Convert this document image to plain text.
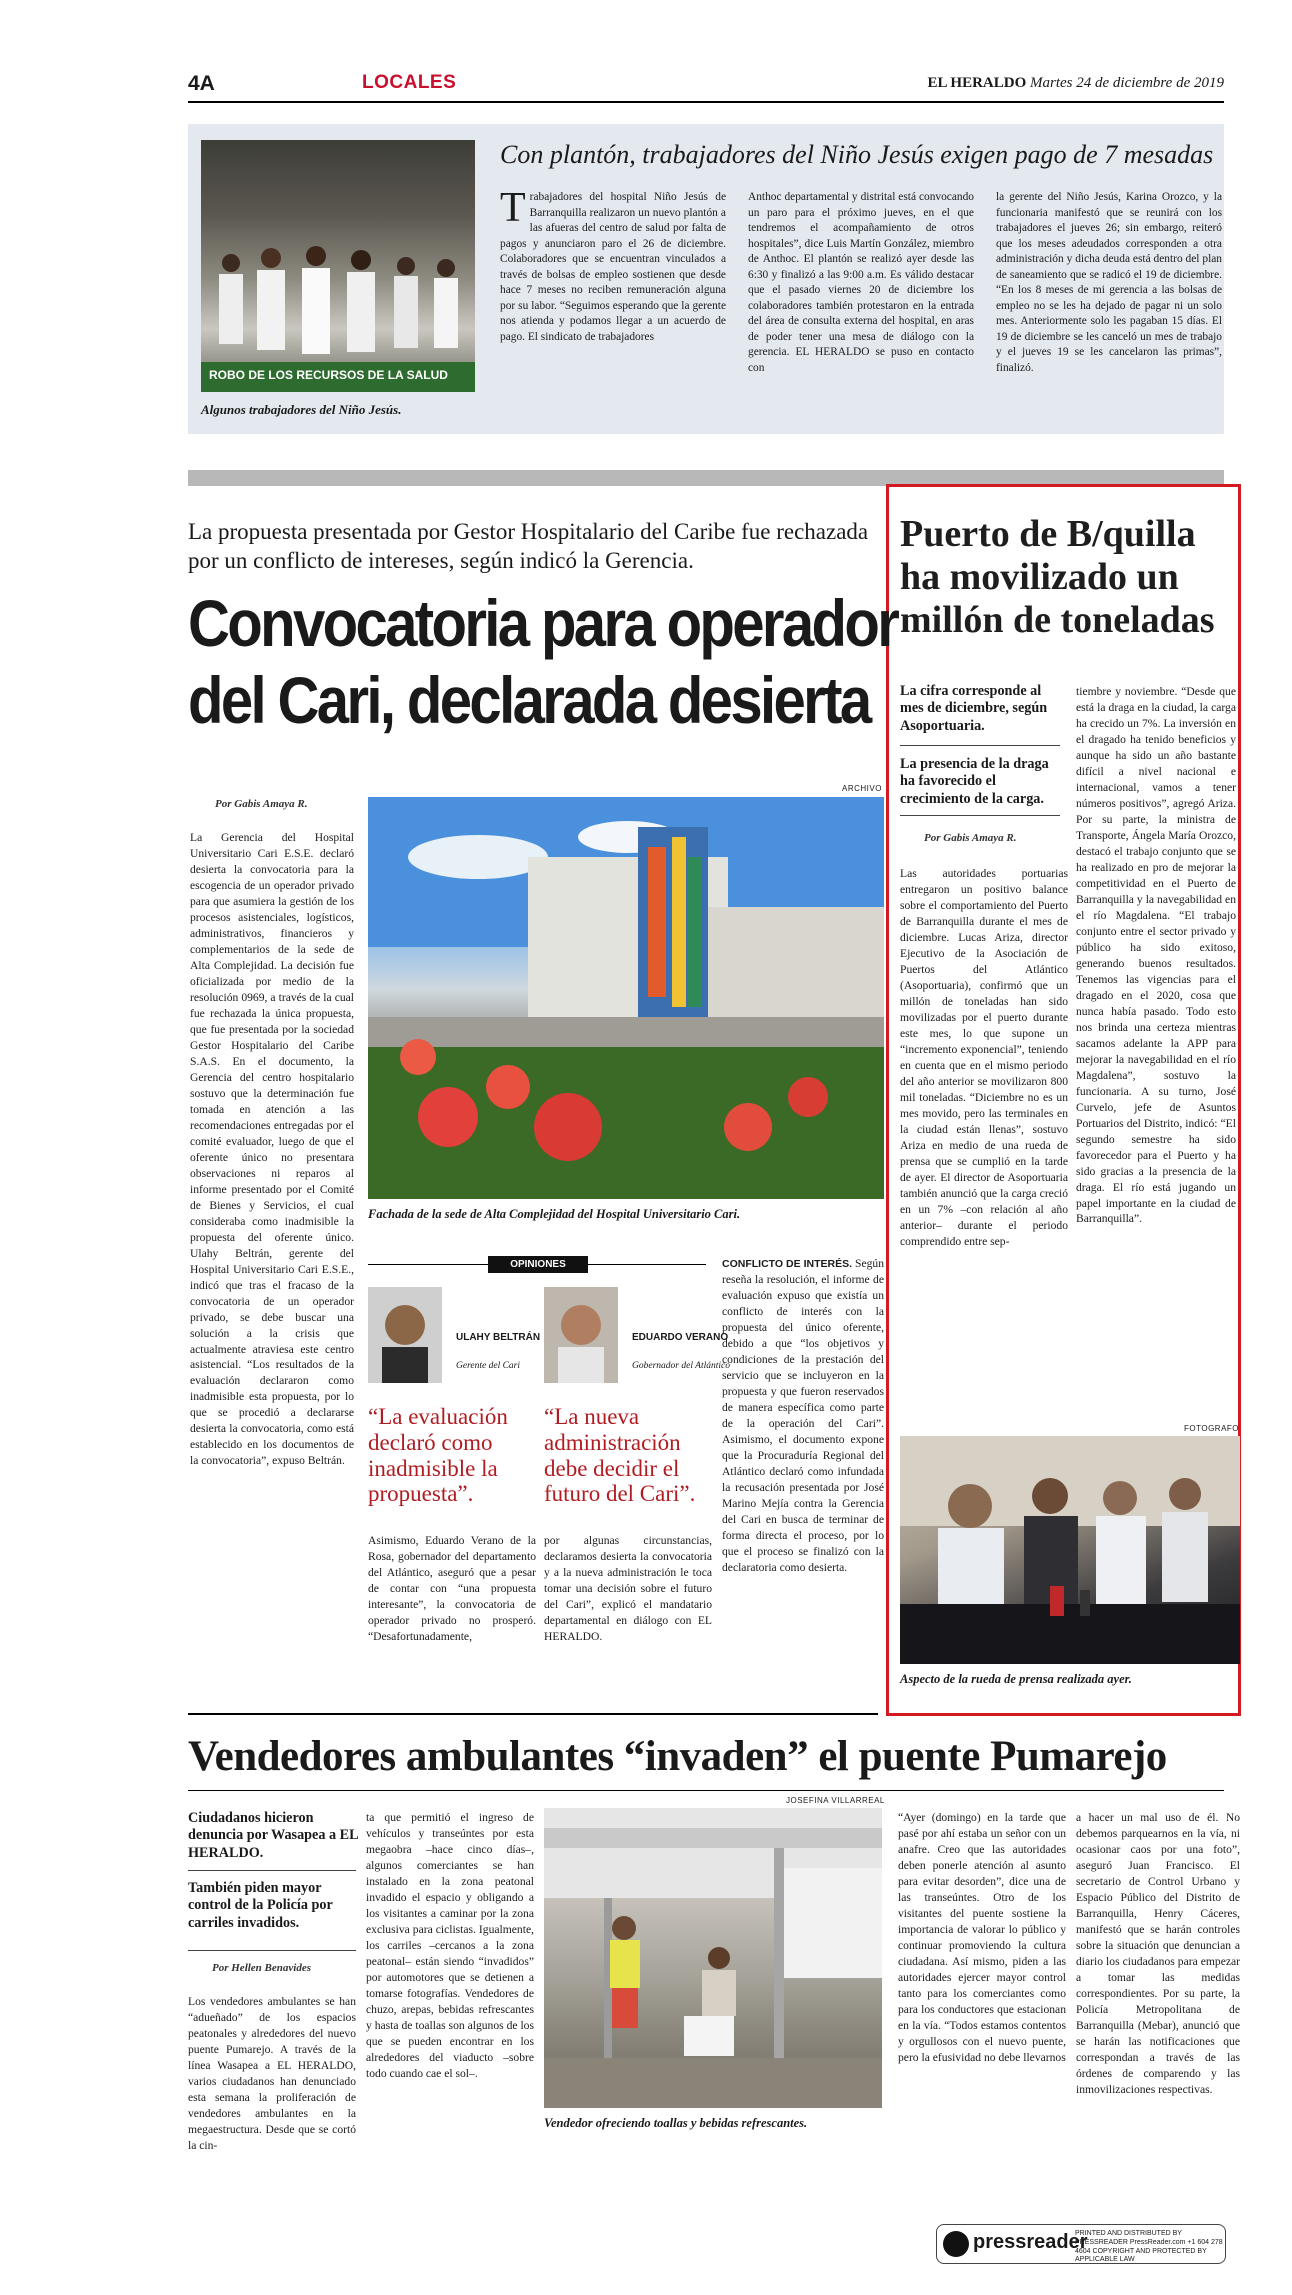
4A	LOCALES	EL HERALDO Martes 24 de diciembre de 2019
ROBO DE LOS RECURSOS DE LA SALUD
Algunos trabajadores del Niño Jesús.
Con plantón, trabajadores del Niño Jesús exigen pago de 7 mesadas
Trabajadores del hospital Niño Jesús de Barranquilla realizaron un nuevo plantón a las afueras del centro de salud por falta de pagos y anunciaron paro el 26 de diciembre. Colaboradores que se encuentran vinculados a través de bolsas de empleo sostienen que desde hace 7 meses no reciben remuneración alguna por su labor. “Seguimos esperando que la gerente nos atienda y podamos llegar a un acuerdo de pago. El sindicato de trabajadores
Anthoc departamental y distrital está convocando un paro para el próximo jueves, en el que tendremos el acompañamiento de otros hospitales”, dice Luis Martín González, miembro de Anthoc. El plantón se realizó ayer desde las 6:30 y finalizó a las 9:00 a.m. Es válido destacar que el pasado viernes 20 de diciembre los colaboradores también protestaron en la entrada del área de consulta externa del hospital, en aras de poder tener una mesa de diálogo con la gerencia. EL HERALDO se puso en contacto con
la gerente del Niño Jesús, Karina Orozco, y la funcionaria manifestó que se reunirá con los trabajadores el jueves 26; sin embargo, reiteró que los meses adeudados corresponden a otra administración y dicha deuda está dentro del plan de saneamiento que se radicó el 19 de diciembre. “En los 8 meses de mi gerencia a las bolsas de empleo no se les ha dejado de pagar ni un solo mes. Anteriormente solo les pagaban 15 días. El 19 de diciembre se les canceló un mes de trabajo y el jueves 19 se les cancelaron las primas”, finalizó.
Puerto de B/quilla ha movilizado un millón de toneladas
La cifra corresponde al mes de diciembre, según Asoportuaria.
La presencia de la draga ha favorecido el crecimiento de la carga.
Por Gabis Amaya R.
Las autoridades portuarias entregaron un positivo balance sobre el comportamiento del Puerto de Barranquilla durante el mes de diciembre. Lucas Ariza, director Ejecutivo de la Asociación de Puertos del Atlántico (Asoportuaria), confirmó que un millón de toneladas han sido movilizadas por el puerto durante este mes, lo que supone un “incremento exponencial”, teniendo en cuenta que en el mismo periodo del año anterior se movilizaron 800 mil toneladas. “Diciembre no es un mes movido, pero las terminales en la ciudad están llenas”, sostuvo Ariza en medio de una rueda de prensa que se cumplió en la tarde de ayer. El director de Asoportuaria también anunció que la carga creció en un 7% –con relación al año anterior– durante el periodo comprendido entre sep-
tiembre y noviembre. “Desde que está la draga en la ciudad, la carga ha crecido un 7%. La inversión en el dragado ha tenido beneficios y aunque ha sido un año bastante difícil a nivel nacional e internacional, vamos a tener números positivos”, agregó Ariza. Por su parte, la ministra de Transporte, Ángela María Orozco, destacó el trabajo conjunto que se ha realizado en pro de mejorar la competitividad en el Puerto de Barranquilla y la navegabilidad en el río Magdalena. “El trabajo conjunto entre el sector privado y público ha sido exitoso, generando buenos resultados. Tenemos las vigencias para el dragado en el 2020, cosa que nunca había pasado. Todo esto nos brinda una certeza mientras sacamos adelante la APP para mejorar la navegabilidad en el río Magdalena”, sostuvo la funcionaria. A su turno, José Curvelo, jefe de Asuntos Portuarios del Distrito, indicó: “El segundo semestre ha sido favorecedor para el Puerto y ha sido gracias a la presencia de la draga. El río está jugando un papel importante en la ciudad de Barranquilla”.
FOTOGRAFO
Aspecto de la rueda de prensa realizada ayer.
La propuesta presentada por Gestor Hospitalario del Caribe fue rechazada por un conflicto de intereses, según indicó la Gerencia.
Convocatoria para operador
del Cari, declarada desierta
ARCHIVO
Por Gabis Amaya R.
La Gerencia del Hospital Universitario Cari E.S.E. declaró desierta la convocatoria para la escogencia de un operador privado para que asumiera la gestión de los procesos asistenciales, logísticos, administrativos, financieros y complementarios de la sede de Alta Complejidad. La decisión fue oficializada por medio de la resolución 0969, a través de la cual fue rechazada la única propuesta, que fue presentada por la sociedad Gestor Hospitalario del Caribe S.A.S. En el documento, la Gerencia del centro hospitalario sostuvo que la determinación fue tomada en atención a las recomendaciones entregadas por el comité evaluador, luego de que el oferente único no presentara observaciones ni reparos al informe presentado por el Comité de Bienes y Servicios, el cual consideraba como inadmisible la propuesta del oferente único. Ulahy Beltrán, gerente del Hospital Universitario Cari E.S.E., indicó que tras el fracaso de la convocatoria de un operador privado, se debe buscar una solución a la crisis que actualmente atraviesa este centro asistencial. “Los resultados de la evaluación declararon como inadmisible esta propuesta, por lo que se procedió a declararse desierta la convocatoria, como está establecido en los documentos de la convocatoria”, expuso Beltrán.
Fachada de la sede de Alta Complejidad del Hospital Universitario Cari.
OPINIONES
ULAHY BELTRÁN
Gerente del Cari
EDUARDO VERANO
Gobernador del Atlántico
“La evaluación declaró como inadmisible la propuesta”.
“La nueva administración debe decidir el futuro del Cari”.
Asimismo, Eduardo Verano de la Rosa, gobernador del departamento del Atlántico, aseguró que a pesar de contar con “una propuesta interesante”, la convocatoria de operador privado no prosperó. “Desafortunadamente,
por algunas circunstancias, declaramos desierta la convocatoria y a la nueva administración le toca tomar una decisión sobre el futuro del Cari”, explicó el mandatario departamental en diálogo con EL HERALDO.
CONFLICTO DE INTERÉS. Según reseña la resolución, el informe de evaluación expuso que existía un conflicto de interés con la propuesta del único oferente, debido a que “los objetivos y condiciones de la prestación del servicio que se incluyeron en la propuesta y que fueron reservados de manera específica como parte de la operación del Cari”. Asimismo, el documento expone que la Procuraduría Regional del Atlántico declaró como infundada la recusación presentada por José Marino Mejía contra la Gerencia del Cari en busca de terminar de forma directa el proceso, por lo que el proceso se finalizó con la declaratoria como desierta.
Vendedores ambulantes “invaden” el puente Pumarejo
Ciudadanos hicieron denuncia por Wasapea a EL HERALDO.
También piden mayor control de la Policía por carriles invadidos.
Por Hellen Benavides
Los vendedores ambulantes se han “adueñado” de los espacios peatonales y alrededores del nuevo puente Pumarejo. A través de la línea Wasapea a EL HERALDO, varios ciudadanos han denunciado esta semana la proliferación de vendedores ambulantes en la megaestructura. Desde que se cortó la cin-
ta que permitió el ingreso de vehículos y transeúntes por esta megaobra –hace cinco días–, algunos comerciantes se han instalado en la zona peatonal invadido el espacio y obligando a los visitantes a caminar por la zona exclusiva para ciclistas. Igualmente, los carriles –cercanos a la zona peatonal– están siendo “invadidos” por automotores que se detienen a tomarse fotografías. Vendedores de chuzo, arepas, bebidas refrescantes y hasta de toallas son algunos de los que se pueden encontrar en los alrededores del viaducto –sobre todo cuando cae el sol–.
JOSEFINA VILLARREAL
Vendedor ofreciendo toallas y bebidas refrescantes.
“Ayer (domingo) en la tarde que pasé por ahí estaba un señor con un anafre. Creo que las autoridades deben ponerle atención al asunto para evitar desorden”, dice una de las transeúntes. Otro de los visitantes del puente sostiene la importancia de valorar lo público y continuar promoviendo la cultura ciudadana. Así mismo, piden a las autoridades ejercer mayor control tanto para los comerciantes como para los conductores que estacionan en la vía. “Todos estamos contentos y orgullosos con el nuevo puente, pero la efusividad no debe llevarnos
a hacer un mal uso de él. No debemos parquearnos en la vía, ni ocasionar caos por una foto”, aseguró Juan Francisco. El secretario de Control Urbano y Espacio Público del Distrito de Barranquilla, Henry Cáceres, manifestó que se harán controles sobre la situación que denuncian a diario los ciudadanos para empezar a tomar las medidas correspondientes. Por su parte, la Policía Metropolitana de Barranquilla (Mebar), anunció que se harán las notificaciones que correspondan a través de las órdenes de comparendo y las inmovilizaciones respectivas.
pressreader
PRINTED AND DISTRIBUTED BY PRESSREADER PressReader.com +1 604 278 4604 COPYRIGHT AND PROTECTED BY APPLICABLE LAW
